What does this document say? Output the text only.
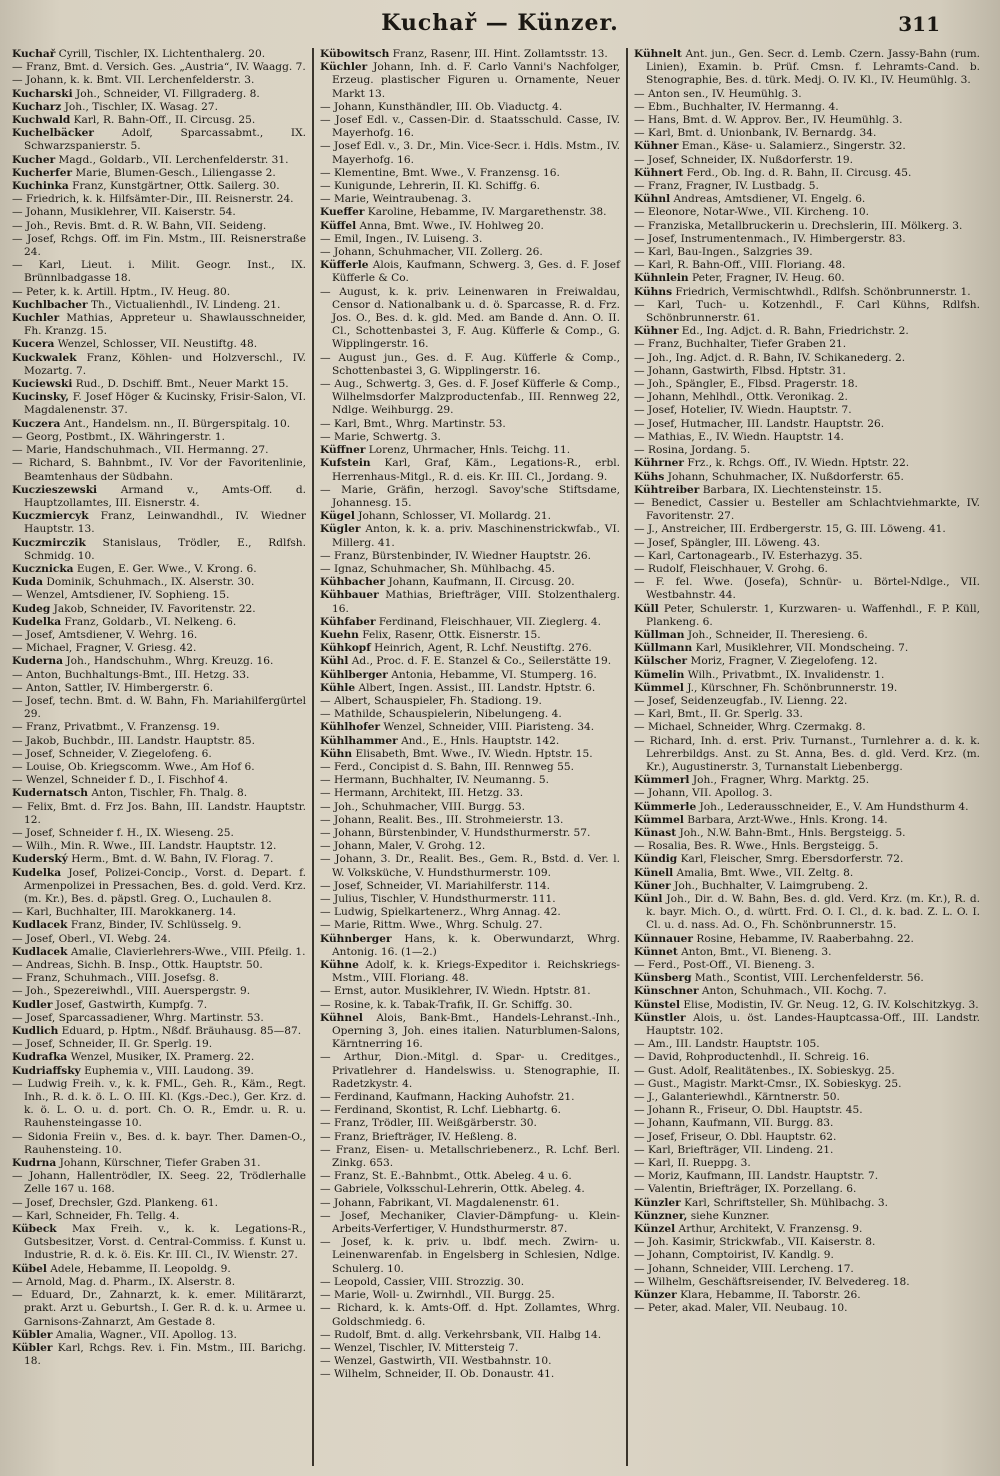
Kuchař — Künzer.	311

Kuchař Cyrill, Tischler, IX. Lichtenthalerg. 20.

— Franz, Bmt. d. Versich. Ges. „Austria“, IV. Waagg. 7.

— Johann, k. k. Bmt. VII. Lerchenfelderstr. 3.

Kucharski Joh., Schneider, VI. Fillgraderg. 8.

Kucharz Joh., Tischler, IX. Wasag. 27.

Kuchwald Karl, R. Bahn-Off., II. Circusg. 25.

Kuchelbäcker Adolf, Sparcassabmt., IX. Schwarzspanierstr. 5.

Kucher Magd., Goldarb., VII. Lerchenfelderstr. 31.

Kucherfer Marie, Blumen-Gesch., Liliengasse 2.

Kuchinka Franz, Kunstgärtner, Ottk. Sailerg. 30.

— Friedrich, k. k. Hilfsämter-Dir., III. Reisnerstr. 24.

— Johann, Musiklehrer, VII. Kaiserstr. 54.

— Joh., Revis. Bmt. d. R. W. Bahn, VII. Seideng.

— Josef, Rchgs. Off. im Fin. Mstm., III. Reisnerstraße 24.

— Karl, Lieut. i. Milit. Geogr. Inst., IX. Brünnlbadgasse 18.

— Peter, k. k. Artill. Hptm., IV. Heug. 80.

Kuchlbacher Th., Victualienhdl., IV. Lindeng. 21.

Kuchler Mathias, Appreteur u. Shawlausschneider, Fh. Kranzg. 15.

Kucera Wenzel, Schlosser, VII. Neustiftg. 48.

Kuckwalek Franz, Köhlen- und Holzverschl., IV. Mozartg. 7.

Kuciewski Rud., D. Dschiff. Bmt., Neuer Markt 15.

Kucinsky, F. Josef Höger & Kucinsky, Frisir-Salon, VI. Magdalenenstr. 37.

Kuczera Ant., Handelsm. nn., II. Bürgerspitalg. 10.

— Georg, Postbmt., IX. Währingerstr. 1.

— Marie, Handschuhmach., VII. Hermanng. 27.

— Richard, S. Bahnbmt., IV. Vor der Favoritenlinie, Beamtenhaus der Südbahn.

Kuczieszewski Armand v., Amts-Off. d. Hauptzollamtes, III. Eisnerstr. 4.

Kuczmiercyk Franz, Leinwandhdl., IV. Wiedner Hauptstr. 13.

Kuczmirczik Stanislaus, Trödler, E., Rdlfsh. Schmidg. 10.

Kucznicka Eugen, E. Ger. Wwe., V. Krong. 6.

Kuda Dominik, Schuhmach., IX. Alserstr. 30.

— Wenzel, Amtsdiener, IV. Sophieng. 15.

Kudeg Jakob, Schneider, IV. Favoritenstr. 22.

Kudelka Franz, Goldarb., VI. Nelkeng. 6.

— Josef, Amtsdiener, V. Wehrg. 16.

— Michael, Fragner, V. Griesg. 42.

Kuderna Joh., Handschuhm., Whrg. Kreuzg. 16.

— Anton, Buchhaltungs-Bmt., III. Hetzg. 33.

— Anton, Sattler, IV. Himbergerstr. 6.

— Josef, techn. Bmt. d. W. Bahn, Fh. Mariahilfergürtel 29.

— Franz, Privatbmt., V. Franzensg. 19.

— Jakob, Buchbdr., III. Landstr. Hauptstr. 85.

— Josef, Schneider, V. Ziegelofeng. 6.

— Louise, Ob. Kriegscomm. Wwe., Am Hof 6.

— Wenzel, Schneider f. D., I. Fischhof 4.

Kudernatsch Anton, Tischler, Fh. Thalg. 8.

— Felix, Bmt. d. Frz Jos. Bahn, III. Landstr. Hauptstr. 12.

— Josef, Schneider f. H., IX. Wieseng. 25.

— Wilh., Min. R. Wwe., III. Landstr. Hauptstr. 12.

Kuderský Herm., Bmt. d. W. Bahn, IV. Florag. 7.

Kudelka Josef, Polizei-Concip., Vorst. d. Depart. f. Armenpolizei in Pressachen, Bes. d. gold. Verd. Krz. (m. Kr.), Bes. d. päpstl. Greg. O., Luchaulen 8.

— Karl, Buchhalter, III. Marokkanerg. 14.

Kudlacek Franz, Binder, IV. Schlüsselg. 9.

— Josef, Oberl., VI. Webg. 24.

Kudlacek Amalie, Clavierlehrers-Wwe., VIII. Pfeilg. 1.

— Andreas, Sichh. B. Insp., Ottk. Hauptstr. 50.

— Franz, Schuhmach., VIII. Josefsg. 8.

— Joh., Spezereiwhdl., VIII. Auerspergstr. 9.

Kudler Josef, Gastwirth, Kumpfg. 7.

— Josef, Sparcassadiener, Whrg. Martinstr. 53.

Kudlich Eduard, p. Hptm., Nßdf. Bräuhausg. 85—87.

— Josef, Schneider, II. Gr. Sperlg. 19.

Kudrafka Wenzel, Musiker, IX. Pramerg. 22.

Kudriaffsky Euphemia v., VIII. Laudong. 39.

— Ludwig Freih. v., k. k. FML., Geh. R., Käm., Regt. Inh., R. d. k. ö. L. O. III. Kl. (Kgs.-Dec.), Ger. Krz. d. k. ö. L. O. u. d. port. Ch. O. R., Emdr. u. R. u. Rauhensteingasse 10.

— Sidonia Freiin v., Bes. d. k. bayr. Ther. Damen-O., Rauhensteing. 10.

Kudrna Johann, Kürschner, Tiefer Graben 31.

— Johann, Hallentrödler, IX. Seeg. 22, Trödlerhalle Zelle 167 u. 168.

— Josef, Drechsler, Gzd. Plankeng. 61.

— Karl, Schneider, Fh. Tellg. 4.

Kübeck Max Freih. v., k. k. Legations-R., Gutsbesitzer, Vorst. d. Central-Commiss. f. Kunst u. Industrie, R. d. k. ö. Eis. Kr. III. Cl., IV. Wienstr. 27.

Kübel Adele, Hebamme, II. Leopoldg. 9.

— Arnold, Mag. d. Pharm., IX. Alserstr. 8.

— Eduard, Dr., Zahnarzt, k. k. emer. Militärarzt, prakt. Arzt u. Geburtsh., I. Ger. R. d. k. u. Armee u. Garnisons-Zahnarzt, Am Gestade 8.

Kübler Amalia, Wagner., VII. Apollog. 13.

Kübler Karl, Rchgs. Rev. i. Fin. Mstm., III. Barichg. 18.

Kübowitsch Franz, Rasenr, III. Hint. Zollamtsstr. 13.

Küchler Johann, Inh. d. F. Carlo Vanni's Nachfolger, Erzeug. plastischer Figuren u. Ornamente, Neuer Markt 13.

— Johann, Kunsthändler, III. Ob. Viaductg. 4.

— Josef Edl. v., Cassen-Dir. d. Staatsschuld. Casse, IV. Mayerhofg. 16.

— Josef Edl. v., 3. Dr., Min. Vice-Secr. i. Hdls. Mstm., IV. Mayerhofg. 16.

— Klementine, Bmt. Wwe., V. Franzensg. 16.

— Kunigunde, Lehrerin, II. Kl. Schiffg. 6.

— Marie, Weintraubenag. 3.

Kueffer Karoline, Hebamme, IV. Margarethenstr. 38.

Küffel Anna, Bmt. Wwe., IV. Hohlweg 20.

— Emil, Ingen., IV. Luiseng. 3.

— Johann, Schuhmacher, VII. Zollerg. 26.

Küfferle Alois, Kaufmann, Schwerg. 3, Ges. d. F. Josef Küfferle & Co.

— August, k. k. priv. Leinenwaren in Freiwaldau, Censor d. Nationalbank u. d. ö. Sparcasse, R. d. Frz. Jos. O., Bes. d. k. gld. Med. am Bande d. Ann. O. II. Cl., Schottenbastei 3, F. Aug. Küfferle & Comp., G. Wipplingerstr. 16.

— August jun., Ges. d. F. Aug. Küfferle & Comp., Schottenbastei 3, G. Wipplingerstr. 16.

— Aug., Schwertg. 3, Ges. d. F. Josef Küfferle & Comp., Wilhelmsdorfer Malzproductenfab., III. Rennweg 22, Ndlge. Weihburgg. 29.

— Karl, Bmt., Whrg. Martinstr. 53.

— Marie, Schwertg. 3.

Küffner Lorenz, Uhrmacher, Hnls. Teichg. 11.

Kufstein Karl, Graf, Käm., Legations-R., erbl. Herrenhaus-Mitgl., R. d. eis. Kr. III. Cl., Jordang. 9.

— Marie, Gräfin, herzogl. Savoy'sche Stiftsdame, Johannesg. 15.

Kügel Johann, Schlosser, VI. Mollardg. 21.

Kügler Anton, k. k. a. priv. Maschinenstrickwfab., VI. Millerg. 41.

— Franz, Bürstenbinder, IV. Wiedner Hauptstr. 26.

— Ignaz, Schuhmacher, Sh. Mühlbachg. 45.

Kühbacher Johann, Kaufmann, II. Circusg. 20.

Kühbauer Mathias, Briefträger, VIII. Stolzenthalerg. 16.

Kühfaber Ferdinand, Fleischhauer, VII. Zieglerg. 4.

Kuehn Felix, Rasenr, Ottk. Eisnerstr. 15.

Kühkopf Heinrich, Agent, R. Lchf. Neustiftg. 276.

Kühl Ad., Proc. d. F. E. Stanzel & Co., Seilerstätte 19.

Kühlberger Antonia, Hebamme, VI. Stumperg. 16.

Kühle Albert, Ingen. Assist., III. Landstr. Hptstr. 6.

— Albert, Schauspieler, Fh. Stadiong. 19.

— Mathilde, Schauspielerin, Nibelungeng. 4.

Kühlhofer Wenzel, Schneider, VIII. Piaristeng. 34.

Kühlhammer And., E., Hnls. Hauptstr. 142.

Kühn Elisabeth, Bmt. Wwe., IV. Wiedn. Hptstr. 15.

— Ferd., Concipist d. S. Bahn, III. Rennweg 55.

— Hermann, Buchhalter, IV. Neumanng. 5.

— Hermann, Architekt, III. Hetzg. 33.

— Joh., Schuhmacher, VIII. Burgg. 53.

— Johann, Realit. Bes., III. Strohmeierstr. 13.

— Johann, Bürstenbinder, V. Hundsthurmerstr. 57.

— Johann, Maler, V. Grohg. 12.

— Johann, 3. Dr., Realit. Bes., Gem. R., Bstd. d. Ver. l. W. Volksküche, V. Hundsthurmerstr. 109.

— Josef, Schneider, VI. Mariahilferstr. 114.

— Julius, Tischler, V. Hundsthurmerstr. 111.

— Ludwig, Spielkartenerz., Whrg Annag. 42.

— Marie, Rittm. Wwe., Whrg. Schulg. 27.

Kühnberger Hans, k. k. Oberwundarzt, Whrg. Antonig. 16. (1—2.)

Kühne Adolf, k. k. Kriegs-Expeditor i. Reichskriegs-Mstm., VIII. Floriang. 48.

— Ernst, autor. Musiklehrer, IV. Wiedn. Hptstr. 81.

— Rosine, k. k. Tabak-Trafik, II. Gr. Schiffg. 30.

Kühnel Alois, Bank-Bmt., Handels-Lehranst.-Inh., Operning 3, Joh. eines italien. Naturblumen-Salons, Kärntnerring 16.

— Arthur, Dion.-Mitgl. d. Spar- u. Creditges., Privatlehrer d. Handelswiss. u. Stenographie, II. Radetzkystr. 4.

— Ferdinand, Kaufmann, Hacking Auhofstr. 21.

— Ferdinand, Skontist, R. Lchf. Liebhartg. 6.

— Franz, Trödler, III. Weißgärberstr. 30.

— Franz, Briefträger, IV. Heßleng. 8.

— Franz, Eisen- u. Metallschriebenerz., R. Lchf. Berl. Zinkg. 653.

— Franz, St. E.-Bahnbmt., Ottk. Abeleg. 4 u. 6.

— Gabriele, Volksschul-Lehrerin, Ottk. Abeleg. 4.

— Johann, Fabrikant, VI. Magdalenenstr. 61.

— Josef, Mechaniker, Clavier-Dämpfung- u. Klein-Arbeits-Verfertiger, V. Hundsthurmerstr. 87.

— Josef, k. k. priv. u. lbdf. mech. Zwirn- u. Leinenwarenfab. in Engelsberg in Schlesien, Ndlge. Schulerg. 10.

— Leopold, Cassier, VIII. Strozzig. 30.

— Marie, Woll- u. Zwirnhdl., VII. Burgg. 25.

— Richard, k. k. Amts-Off. d. Hpt. Zollamtes, Whrg. Goldschmiedg. 6.

— Rudolf, Bmt. d. allg. Verkehrsbank, VII. Halbg 14.

— Wenzel, Tischler, IV. Mittersteig 7.

— Wenzel, Gastwirth, VII. Westbahnstr. 10.

— Wilhelm, Schneider, II. Ob. Donaustr. 41.

Kühnelt Ant. jun., Gen. Secr. d. Lemb. Czern. Jassy-Bahn (rum. Linien), Examin. b. Prüf. Cmsn. f. Lehramts-Cand. b. Stenographie, Bes. d. türk. Medj. O. IV. Kl., IV. Heumühlg. 3.

— Anton sen., IV. Heumühlg. 3.

— Ebm., Buchhalter, IV. Hermanng. 4.

— Hans, Bmt. d. W. Approv. Ber., IV. Heumühlg. 3.

— Karl, Bmt. d. Unionbank, IV. Bernardg. 34.

Kühner Eman., Käse- u. Salamierz., Singerstr. 32.

— Josef, Schneider, IX. Nußdorferstr. 19.

Kühnert Ferd., Ob. Ing. d. R. Bahn, II. Circusg. 45.

— Franz, Fragner, IV. Lustbadg. 5.

Kühnl Andreas, Amtsdiener, VI. Engelg. 6.

— Eleonore, Notar-Wwe., VII. Kircheng. 10.

— Franziska, Metallbruckerin u. Drechslerin, III. Mölkerg. 3.

— Josef, Instrumentenmach., IV. Himbergerstr. 83.

— Karl, Bau-Ingen., Salzgries 39.

— Karl, R. Bahn-Off., VIII. Floriang. 48.

Kühnlein Peter, Fragner, IV. Heug. 60.

Kühns Friedrich, Vermischtwhdl., Rdlfsh. Schönbrunnerstr. 1.

— Karl, Tuch- u. Kotzenhdl., F. Carl Kühns, Rdlfsh. Schönbrunnerstr. 61.

Kühner Ed., Ing. Adjct. d. R. Bahn, Friedrichstr. 2.

— Franz, Buchhalter, Tiefer Graben 21.

— Joh., Ing. Adjct. d. R. Bahn, IV. Schikanederg. 2.

— Johann, Gastwirth, Flbsd. Hptstr. 31.

— Joh., Spängler, E., Flbsd. Pragerstr. 18.

— Johann, Mehlhdl., Ottk. Veronikag. 2.

— Josef, Hotelier, IV. Wiedn. Hauptstr. 7.

— Josef, Hutmacher, III. Landstr. Hauptstr. 26.

— Mathias, E., IV. Wiedn. Hauptstr. 14.

— Rosina, Jordang. 5.

Kührner Frz., k. Rchgs. Off., IV. Wiedn. Hptstr. 22.

Kühs Johann, Schuhmacher, IX. Nußdorferstr. 65.

Kühtreiber Barbara, IX. Liechtensteinstr. 15.

— Benedict, Cassier u. Besteller am Schlachtviehmarkte, IV. Favoritenstr. 27.

— J., Anstreicher, III. Erdbergerstr. 15, G. III. Löweng. 41.

— Josef, Spängler, III. Löweng. 43.

— Karl, Cartonagearb., IV. Esterhazyg. 35.

— Rudolf, Fleischhauer, V. Grohg. 6.

— F. fel. Wwe. (Josefa), Schnür- u. Börtel-Ndlge., VII. Westbahnstr. 44.

Küll Peter, Schulerstr. 1, Kurzwaren- u. Waffenhdl., F. P. Küll, Plankeng. 6.

Küllman Joh., Schneider, II. Theresieng. 6.

Küllmann Karl, Musiklehrer, VII. Mondscheing. 7.

Külscher Moriz, Fragner, V. Ziegelofeng. 12.

Kümelin Wilh., Privatbmt., IX. Invalidenstr. 1.

Kümmel J., Kürschner, Fh. Schönbrunnerstr. 19.

— Josef, Seidenzeugfab., IV. Lienng. 22.

— Karl, Bmt., II. Gr. Sperlg. 33.

— Michael, Schneider, Whrg. Czermakg. 8.

— Richard, Inh. d. erst. Priv. Turnanst., Turnlehrer a. d. k. k. Lehrerbildgs. Anst. zu St. Anna, Bes. d. gld. Verd. Krz. (m. Kr.), Augustinerstr. 3, Turnanstalt Liebenbergg.

Kümmerl Joh., Fragner, Whrg. Marktg. 25.

— Johann, VII. Apollog. 3.

Kümmerle Joh., Lederausschneider, E., V. Am Hundsthurm 4.

Kümmel Barbara, Arzt-Wwe., Hnls. Krong. 14.

Künast Joh., N.W. Bahn-Bmt., Hnls. Bergsteigg. 5.

— Rosalia, Bes. R. Wwe., Hnls. Bergsteigg. 5.

Kündig Karl, Fleischer, Smrg. Ebersdorferstr. 72.

Künell Amalia, Bmt. Wwe., VII. Zeltg. 8.

Küner Joh., Buchhalter, V. Laimgrubeng. 2.

Künl Joh., Dir. d. W. Bahn, Bes. d. gld. Verd. Krz. (m. Kr.), R. d. k. bayr. Mich. O., d. württ. Frd. O. I. Cl., d. k. bad. Z. L. O. I. Cl. u. d. nass. Ad. O., Fh. Schönbrunnerstr. 15.

Künnauer Rosine, Hebamme, IV. Raaberbahng. 22.

Künnet Anton, Bmt., VI. Bieneng. 3.

— Ferd., Post-Off., VI. Bieneng. 3.

Künsberg Math., Scontist, VIII. Lerchenfelderstr. 56.

Künschner Anton, Schuhmach., VII. Kochg. 7.

Künstel Elise, Modistin, IV. Gr. Neug. 12, G. IV. Kolschitzkyg. 3.

Künstler Alois, u. öst. Landes-Hauptcassa-Off., III. Landstr. Hauptstr. 102.

— Am., III. Landstr. Hauptstr. 105.

— David, Rohproductenhdl., II. Schreig. 16.

— Gust. Adolf, Realitätenbes., IX. Sobieskyg. 25.

— Gust., Magistr. Markt-Cmsr., IX. Sobieskyg. 25.

— J., Galanteriewhdl., Kärntnerstr. 50.

— Johann R., Friseur, O. Dbl. Hauptstr. 45.

— Johann, Kaufmann, VII. Burgg. 83.

— Josef, Friseur, O. Dbl. Hauptstr. 62.

— Karl, Briefträger, VII. Lindeng. 21.

— Karl, II. Rueppg. 3.

— Moriz, Kaufmann, III. Landstr. Hauptstr. 7.

— Valentin, Briefträger, IX. Porzellang. 6.

Künzler Karl, Schriftsteller, Sh. Mühlbachg. 3.

Künzner, siehe Kunzner.

Künzel Arthur, Architekt, V. Franzensg. 9.

— Joh. Kasimir, Strickwfab., VII. Kaiserstr. 8.

— Johann, Comptoirist, IV. Kandlg. 9.

— Johann, Schneider, VIII. Lercheng. 17.

— Wilhelm, Geschäftsreisender, IV. Belvedereg. 18.

Künzer Klara, Hebamme, II. Taborstr. 26.

— Peter, akad. Maler, VII. Neubaug. 10.
